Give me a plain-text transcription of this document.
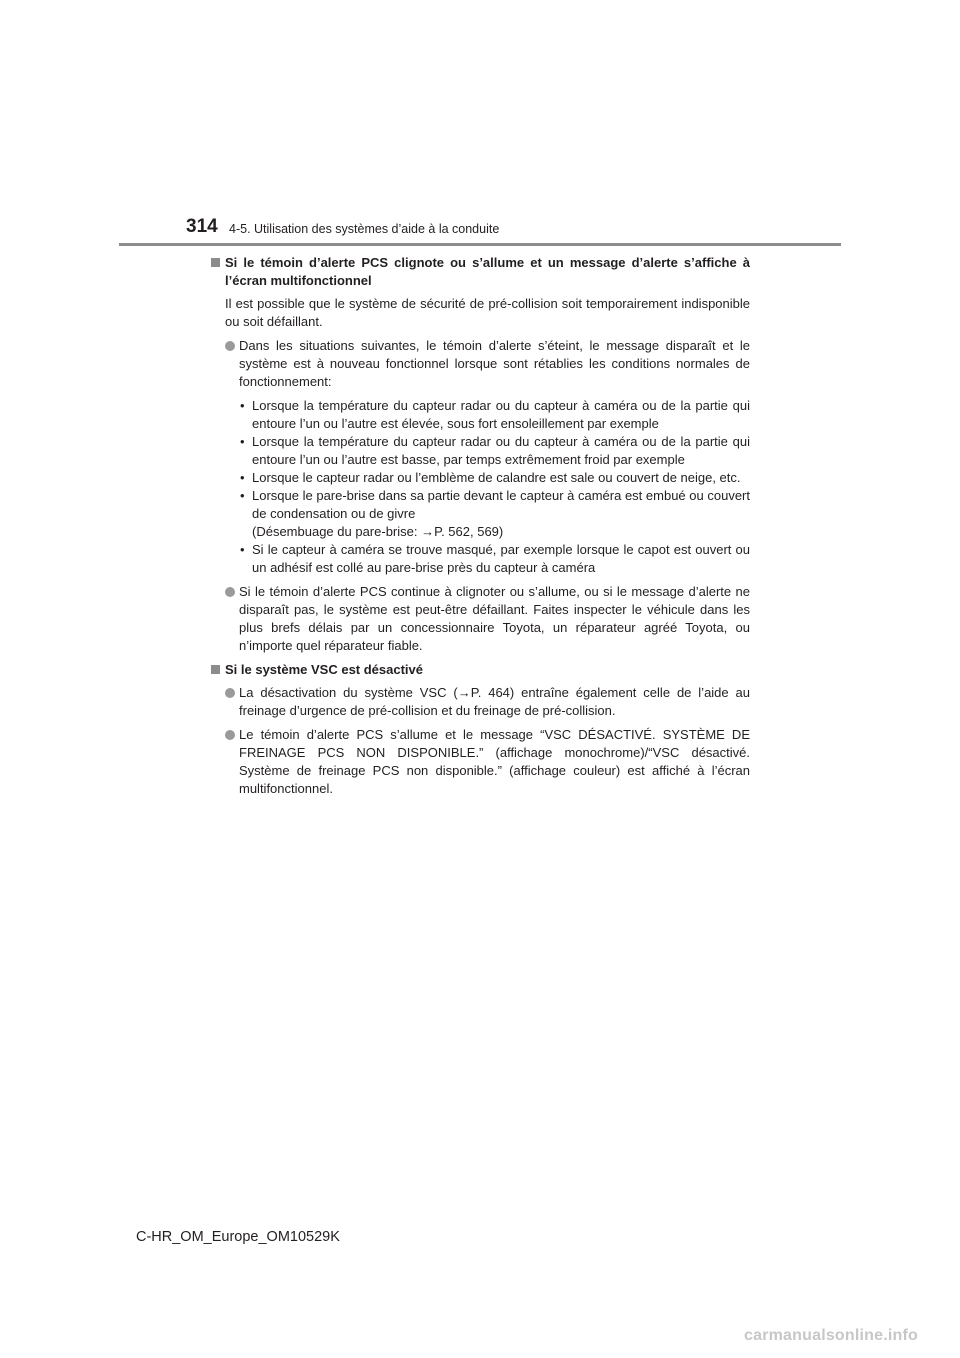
314 4-5. Utilisation des systèmes d’aide à la conduite
Si le témoin d’alerte PCS clignote ou s’allume et un message d’alerte s’affiche à l’écran multifonctionnel
Il est possible que le système de sécurité de pré-collision soit temporairement indisponible ou soit défaillant.
Dans les situations suivantes, le témoin d’alerte s’éteint, le message disparaît et le système est à nouveau fonctionnel lorsque sont rétablies les conditions normales de fonctionnement:
• Lorsque la température du capteur radar ou du capteur à caméra ou de la partie qui entoure l’un ou l’autre est élevée, sous fort ensoleillement par exemple
• Lorsque la température du capteur radar ou du capteur à caméra ou de la partie qui entoure l’un ou l’autre est basse, par temps extrêmement froid par exemple
• Lorsque le capteur radar ou l’emblème de calandre est sale ou couvert de neige, etc.
• Lorsque le pare-brise dans sa partie devant le capteur à caméra est embué ou couvert de condensation ou de givre
(Désembuage du pare-brise: →P. 562, 569)
• Si le capteur à caméra se trouve masqué, par exemple lorsque le capot est ouvert ou un adhésif est collé au pare-brise près du capteur à caméra
Si le témoin d’alerte PCS continue à clignoter ou s’allume, ou si le message d’alerte ne disparaît pas, le système est peut-être défaillant. Faites inspecter le véhicule dans les plus brefs délais par un concessionnaire Toyota, un réparateur agréé Toyota, ou n’importe quel réparateur fiable.
Si le système VSC est désactivé
La désactivation du système VSC (→P. 464) entraîne également celle de l’aide au freinage d’urgence de pré-collision et du freinage de pré-collision.
Le témoin d’alerte PCS s’allume et le message “VSC DÉSACTIVÉ. SYSTÈME DE FREINAGE PCS NON DISPONIBLE.” (affichage monochrome)/“VSC désactivé. Système de freinage PCS non disponible.” (affichage couleur) est affiché à l’écran multifonctionnel.
C-HR_OM_Europe_OM10529K
carmanualsonline.info
